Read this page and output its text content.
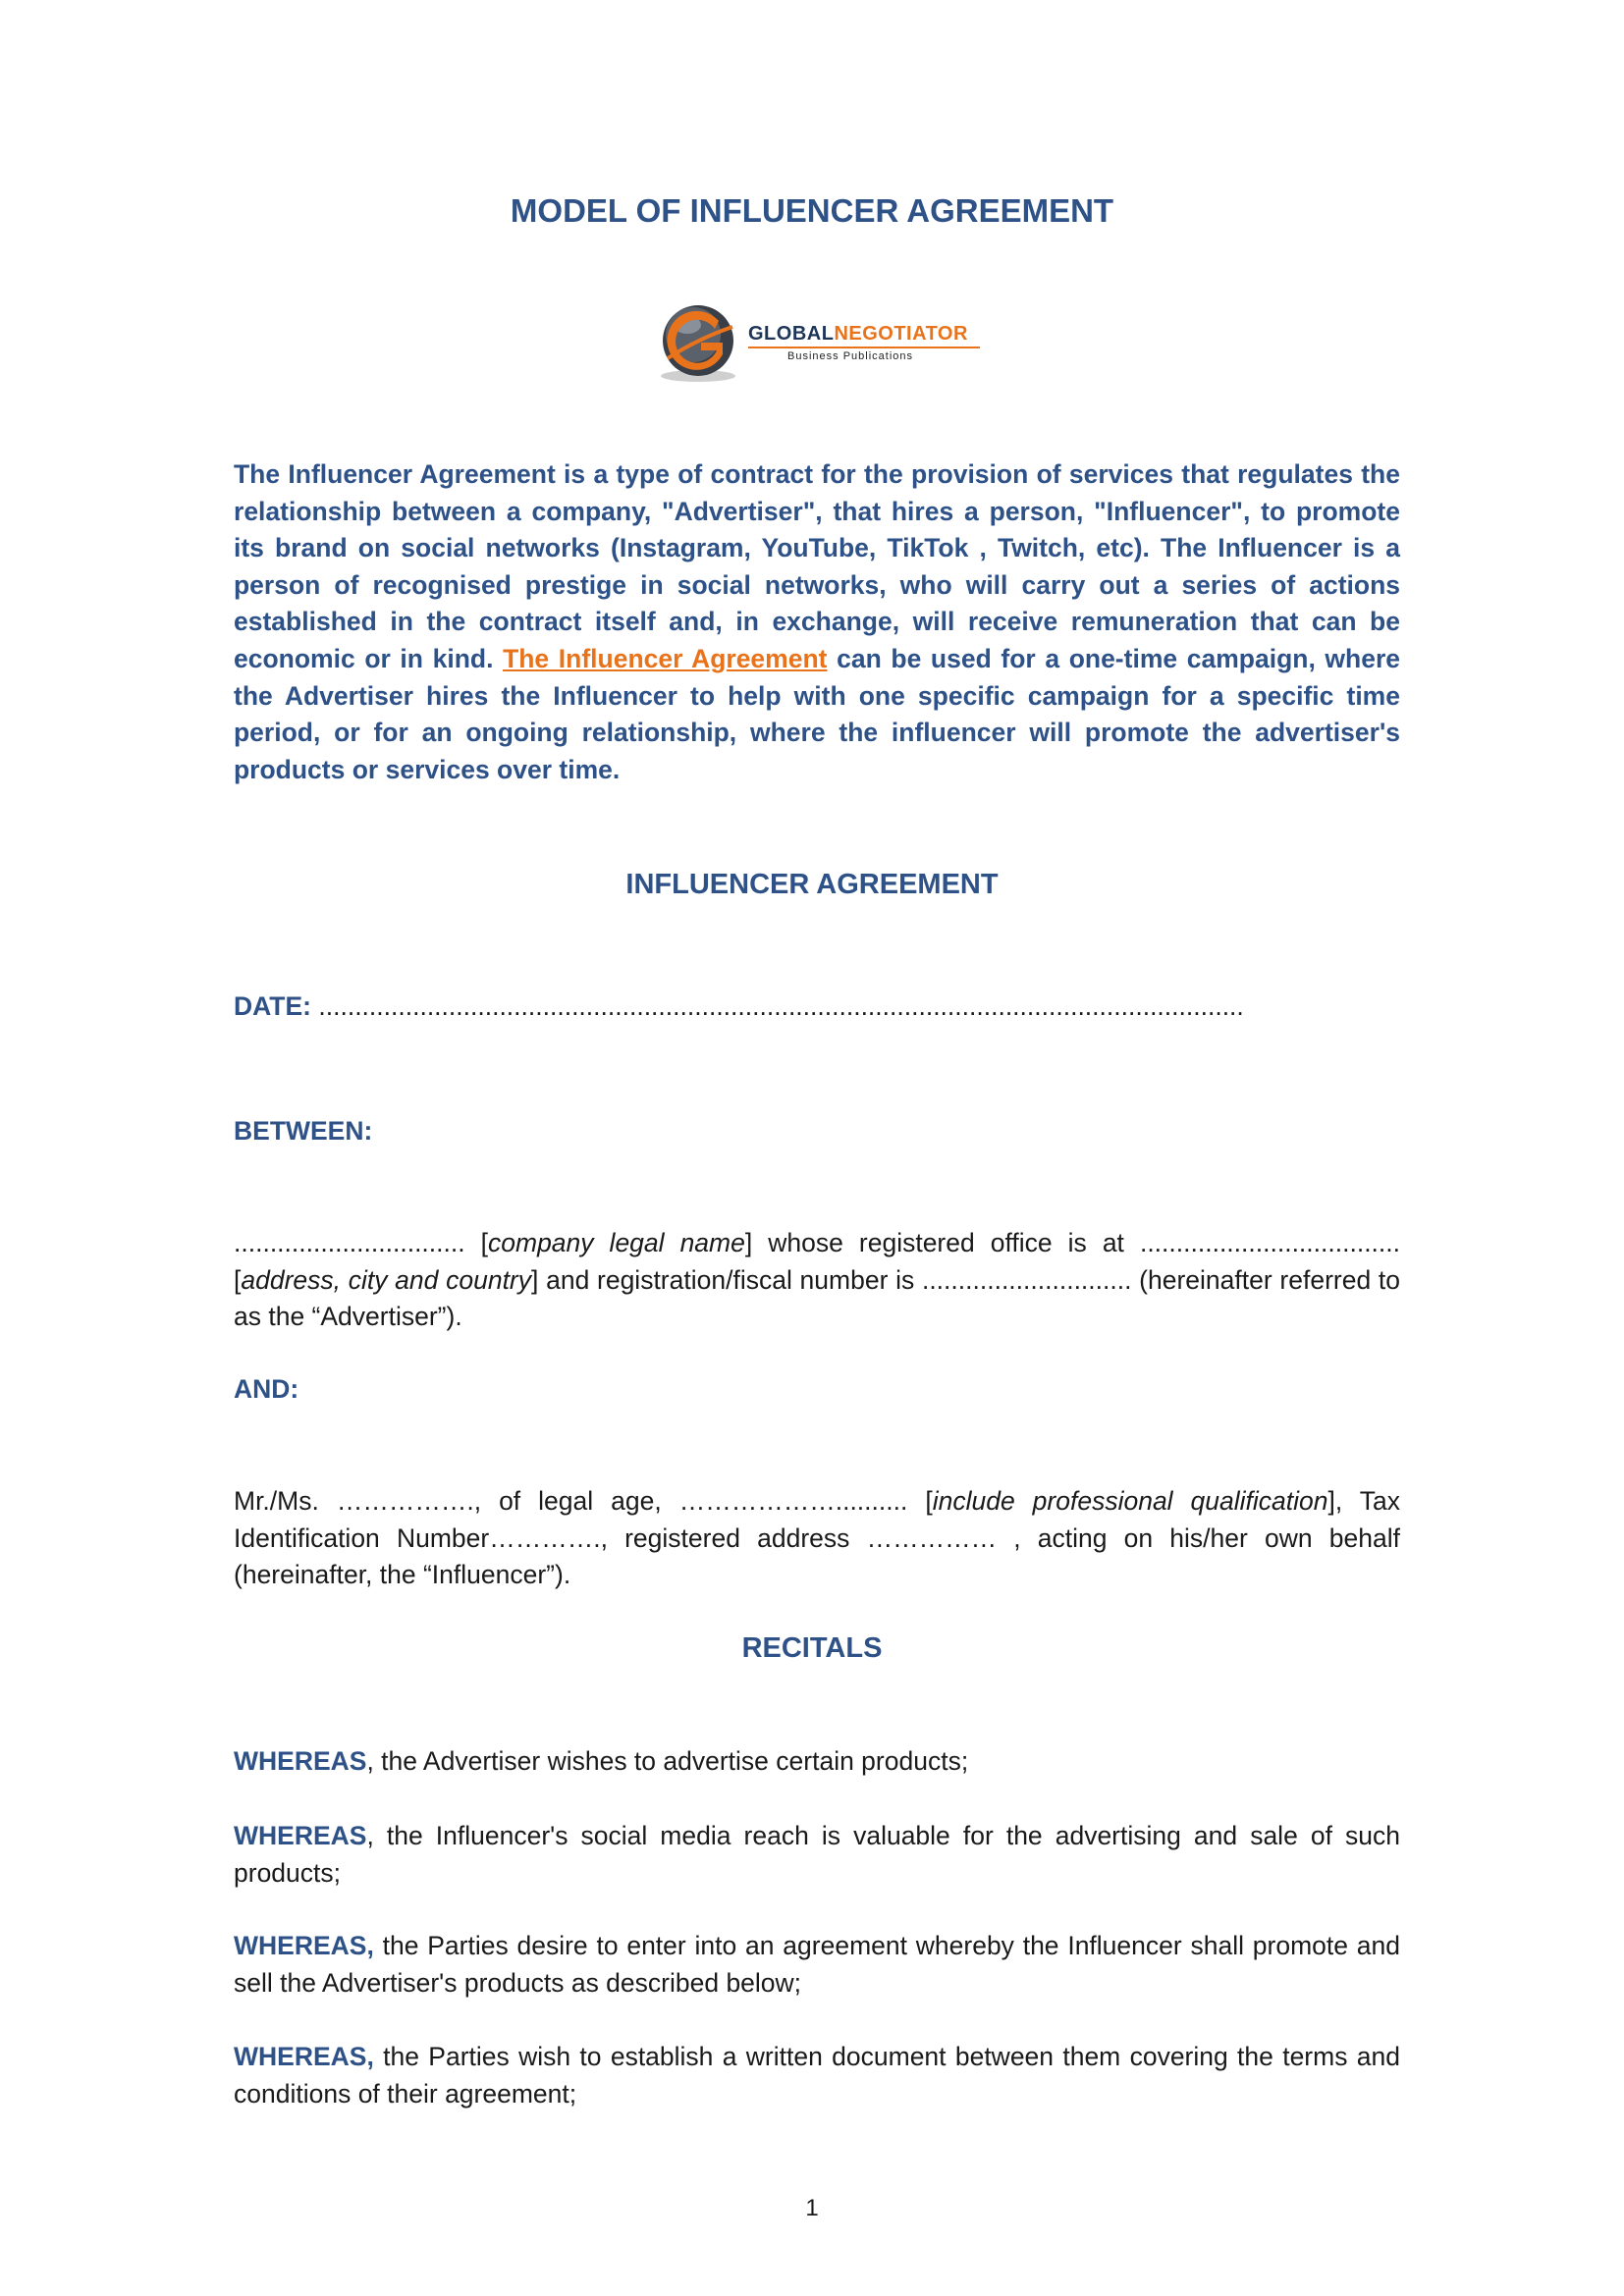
MODEL OF INFLUENCER AGREEMENT
GLOBALNEGOTIATOR
Business Publications
The Influencer Agreement is a type of contract for the provision of services that regulates the relationship between a company, "Advertiser", that hires a person, "Influencer", to promote its brand on social networks (Instagram, YouTube, TikTok , Twitch, etc). The Influencer is a person of recognised prestige in social networks, who will carry out a series of actions established in the contract itself and, in exchange, will receive remuneration that can be economic or in kind. The Influencer Agreement can be used for a one-time campaign, where the Advertiser hires the Influencer to help with one specific campaign for a specific time period, or for an ongoing relationship, where the influencer will promote the advertiser's products or services over time.
INFLUENCER AGREEMENT
DATE: ................................................................................................................................
BETWEEN:
................................ [company legal name] whose registered office is at .................................... [address, city and country] and registration/fiscal number is ............................. (hereinafter referred to as the “Advertiser”).
AND:
Mr./Ms. ……………., of legal age, ……………….......... [include professional qualification], Tax Identification Number…………., registered address …………… , acting on his/her own behalf (hereinafter, the “Influencer”).
RECITALS
WHEREAS, the Advertiser wishes to advertise certain products;
WHEREAS, the Influencer's social media reach is valuable for the advertising and sale of such products;
WHEREAS, the Parties desire to enter into an agreement whereby the Influencer shall promote and sell the Advertiser's products as described below;
WHEREAS, the Parties wish to establish a written document between them covering the terms and conditions of their agreement;
1
